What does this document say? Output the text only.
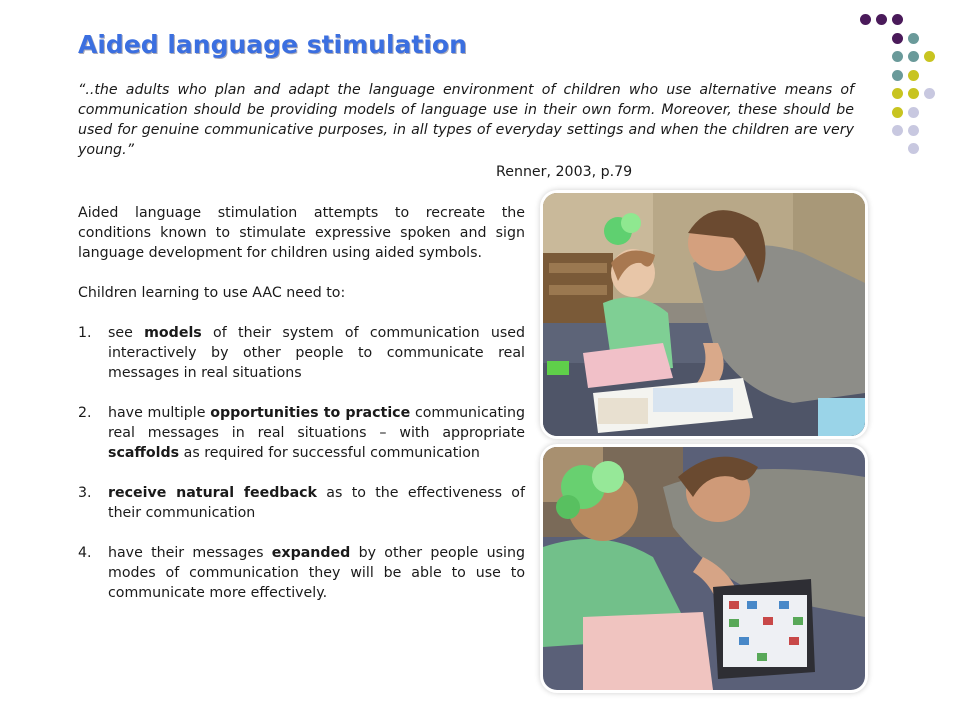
Aided language stimulation

“..the adults who plan and adapt the language environment of children who use alternative means of communication should be providing models of language use in their own form. Moreover, these should be used for genuine communicative purposes, in all types of everyday settings and when the children are very young.”

Renner, 2003, p.79

Aided language stimulation attempts to recreate the conditions known to stimulate expressive spoken and sign language development for children using aided symbols.

Children learning to use AAC need to:

1.	see models of their system of communication used interactively by other people to communicate real messages in real situations
2.	have multiple opportunities to practice communicating real messages in real situations – with appropriate scaffolds as required for successful communication
3.	receive natural feedback as to the effectiveness of their communication
4.	have their messages expanded by other people using modes of communication they will be able to use to communicate more effectively.
